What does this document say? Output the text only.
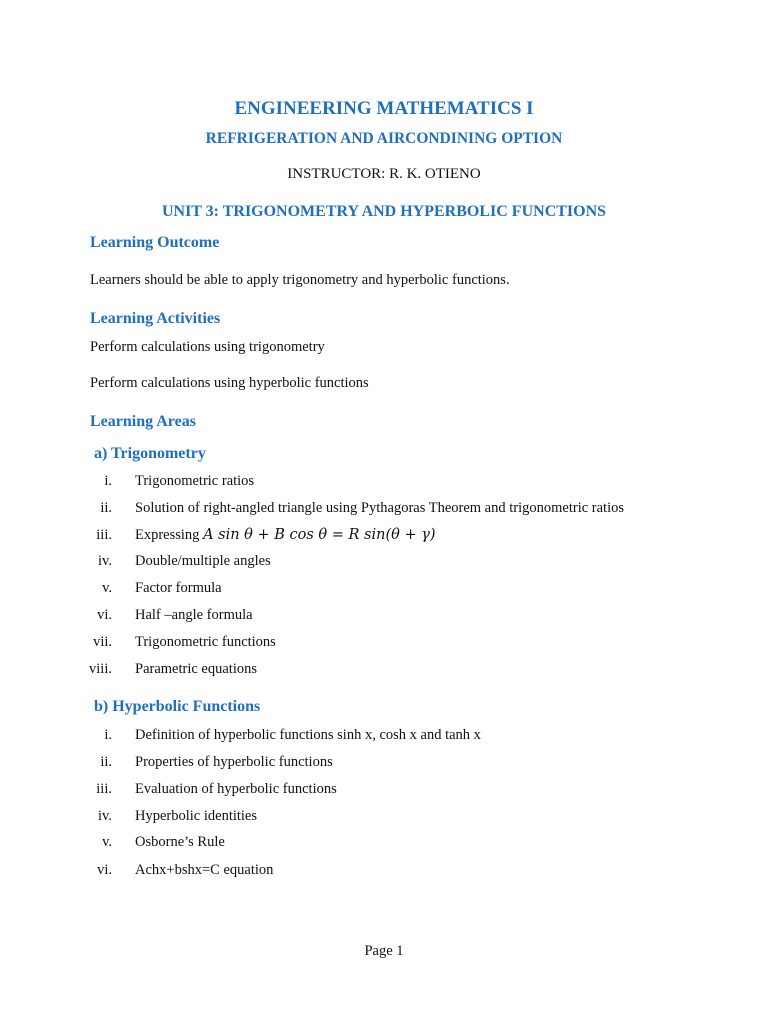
ENGINEERING MATHEMATICS I
REFRIGERATION AND AIRCONDINING OPTION
INSTRUCTOR: R. K. OTIENO
UNIT 3: TRIGONOMETRY AND HYPERBOLIC FUNCTIONS
Learning Outcome
Learners should be able to apply trigonometry and hyperbolic functions.
Learning Activities
Perform calculations using trigonometry
Perform calculations using hyperbolic functions
Learning Areas
a) Trigonometry
i. Trigonometric ratios
ii. Solution of right-angled triangle using Pythagoras Theorem and trigonometric ratios
iii. Expressing A sin θ + B cos θ = R sin(θ + γ)
iv. Double/multiple angles
v. Factor formula
vi. Half –angle formula
vii. Trigonometric functions
viii. Parametric equations
b) Hyperbolic Functions
i. Definition of hyperbolic functions sinh x, cosh x and tanh x
ii. Properties of hyperbolic functions
iii. Evaluation of hyperbolic functions
iv. Hyperbolic identities
v. Osborne’s Rule
vi. Achx+bshx=C equation
Page 1
